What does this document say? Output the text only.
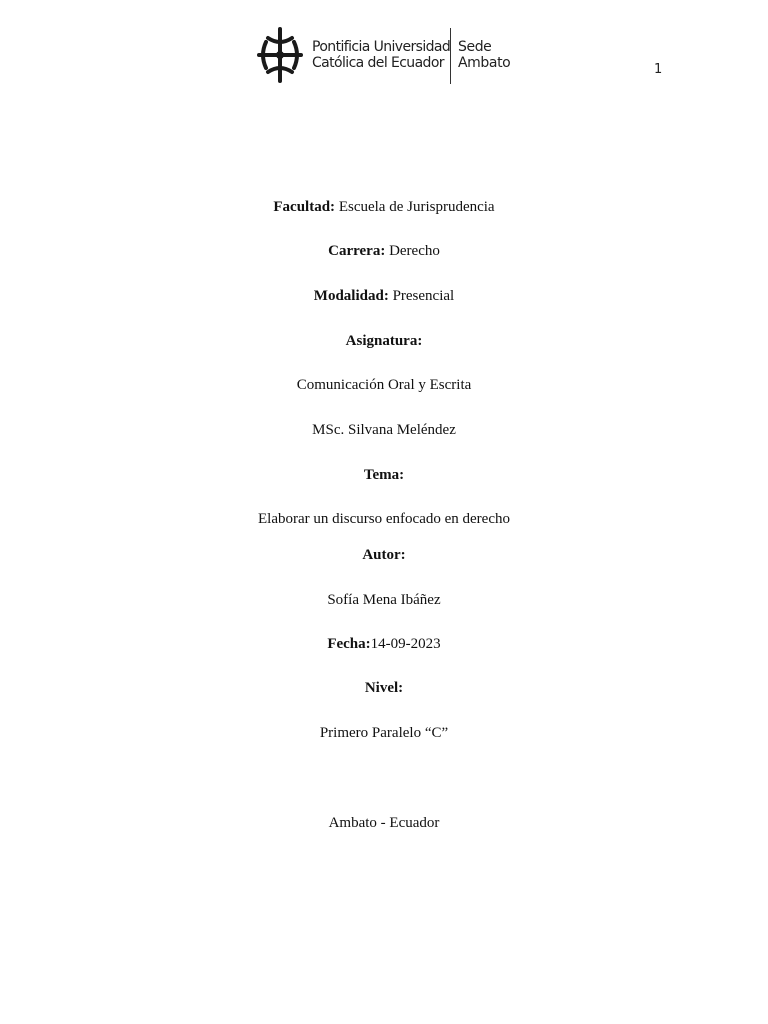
Pontificia Universidad
Católica del Ecuador
Sede
Ambato	1
Facultad: Escuela de Jurisprudencia
Carrera: Derecho
Modalidad: Presencial
Asignatura:
Comunicación Oral y Escrita
MSc. Silvana Meléndez
Tema:
Elaborar un discurso enfocado en derecho
Autor:
Sofía Mena Ibáñez
Fecha:14-09-2023
Nivel:
Primero Paralelo “C”
Ambato - Ecuador
